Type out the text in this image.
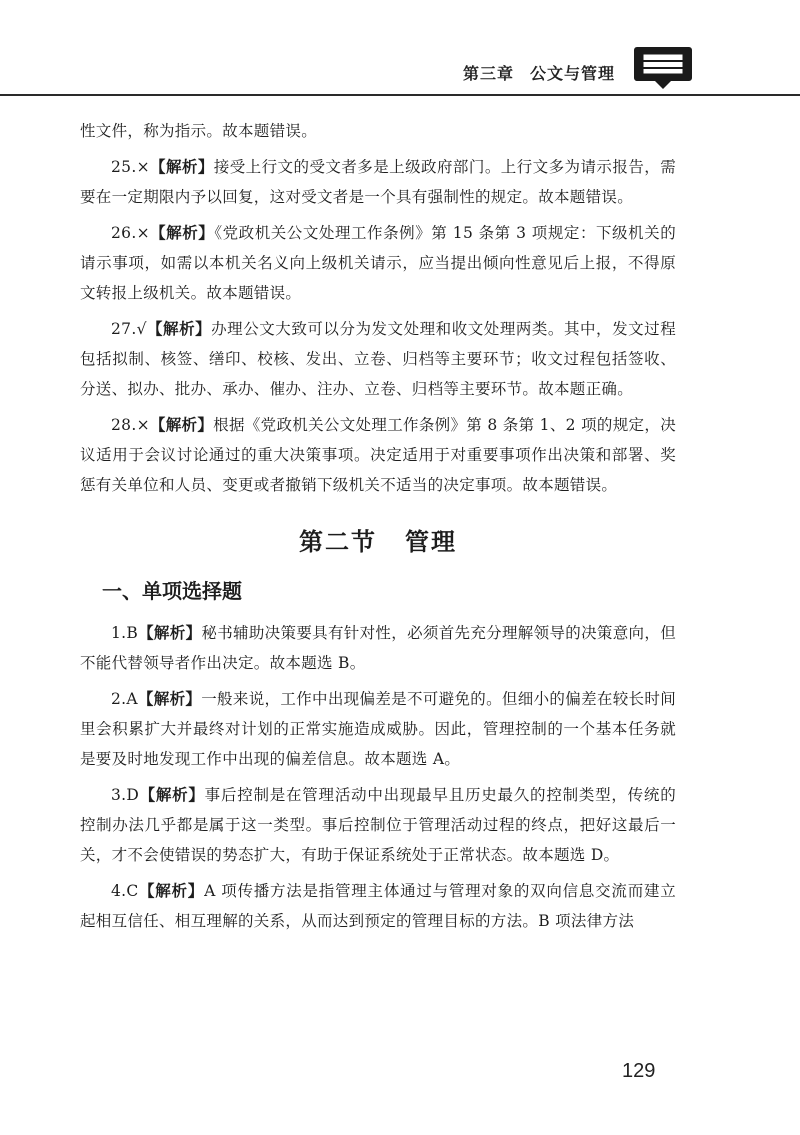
第三章 公文与管理

性文件，称为指示。故本题错误。

25.×【解析】接受上行文的受文者多是上级政府部门。上行文多为请示报告，需要在一定期限内予以回复，这对受文者是一个具有强制性的规定。故本题错误。

26.×【解析】《党政机关公文处理工作条例》第 15 条第 3 项规定：下级机关的请示事项，如需以本机关名义向上级机关请示，应当提出倾向性意见后上报，不得原文转报上级机关。故本题错误。

27.√【解析】办理公文大致可以分为发文处理和收文处理两类。其中，发文过程包括拟制、核签、缮印、校核、发出、立卷、归档等主要环节；收文过程包括签收、分送、拟办、批办、承办、催办、注办、立卷、归档等主要环节。故本题正确。

28.×【解析】根据《党政机关公文处理工作条例》第 8 条第 1、2 项的规定，决议适用于会议讨论通过的重大决策事项。决定适用于对重要事项作出决策和部署、奖惩有关单位和人员、变更或者撤销下级机关不适当的决定事项。故本题错误。

第二节 管理
一、单项选择题

1.B【解析】秘书辅助决策要具有针对性，必须首先充分理解领导的决策意向，但不能代替领导者作出决定。故本题选 B。

2.A【解析】一般来说，工作中出现偏差是不可避免的。但细小的偏差在较长时间里会积累扩大并最终对计划的正常实施造成威胁。因此，管理控制的一个基本任务就是要及时地发现工作中出现的偏差信息。故本题选 A。

3.D【解析】事后控制是在管理活动中出现最早且历史最久的控制类型，传统的控制办法几乎都是属于这一类型。事后控制位于管理活动过程的终点，把好这最后一关，才不会使错误的势态扩大，有助于保证系统处于正常状态。故本题选 D。

4.C【解析】A 项传播方法是指管理主体通过与管理对象的双向信息交流而建立起相互信任、相互理解的关系，从而达到预定的管理目标的方法。B 项法律方法

129
